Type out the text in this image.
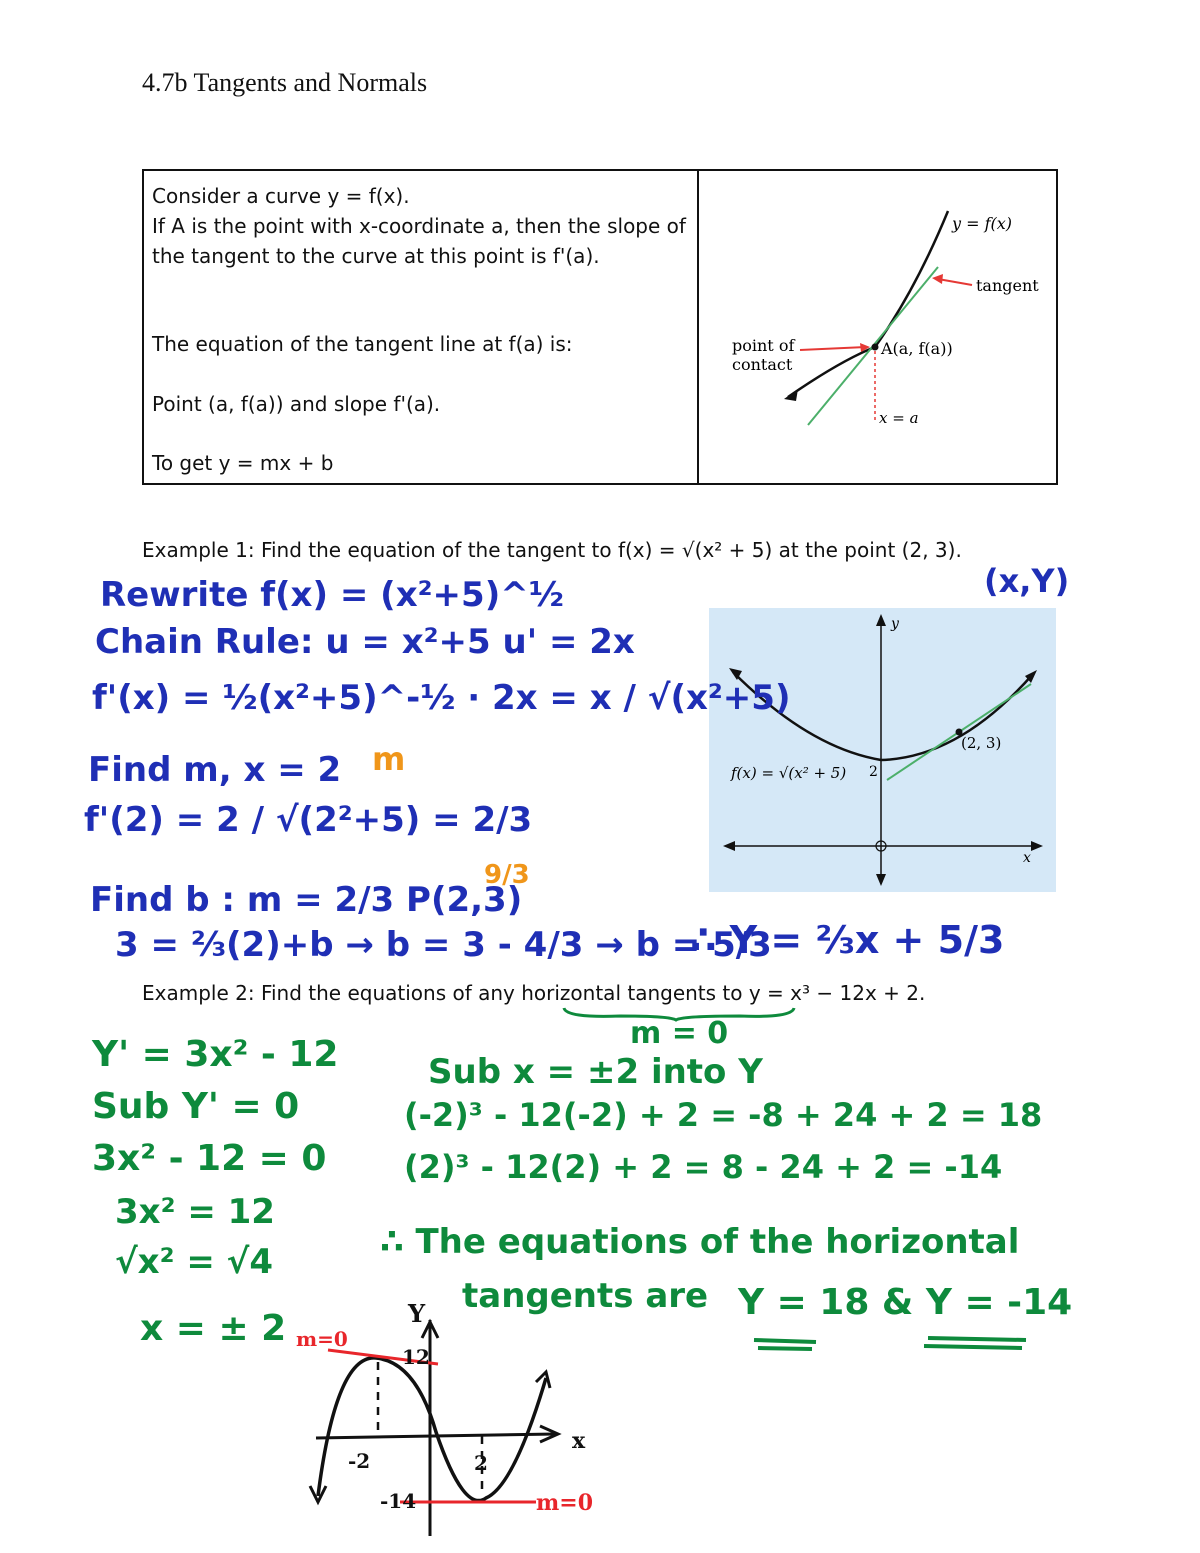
4.7b Tangents and Normals
Consider a curve y = f(x).
If A is the point with x-coordinate a, then the slope of the tangent to the curve at this point is f'(a).
The equation of the tangent line at f(a) is:
Point (a, f(a)) and slope f'(a).
To get y = mx + b
y = f(x)
tangent
A(a, f(a))
point of
contact
x = a
Example 1: Find the equation of the tangent to f(x) = √(x² + 5) at the point (2, 3).
y
x
f(x) = √(x² + 5) 2
(2, 3)
(x,Y)
Rewrite f(x) = (x²+5)^½
Chain Rule: u = x²+5 u' = 2x
f'(x) = ½(x²+5)^-½ · 2x = x / √(x²+5)
Find m, x = 2 m
f'(2) = 2 / √(2²+5) = 2/3
Find b : m = 2/3 P(2,3)
9/3
3 = ⅔(2)+b → b = 3 - 4/3 → b = 5/3
∴ Y = ⅔x + 5/3
Example 2: Find the equations of any horizontal tangents to y = x³ − 12x + 2.
m = 0
Y' = 3x² - 12
Sub Y' = 0
3x² - 12 = 0
3x² = 12
√x² = √4
x = ± 2
Sub x = ±2 into Y
(-2)³ - 12(-2) + 2 = -8 + 24 + 2 = 18
(2)³ - 12(2) + 2 = 8 - 24 + 2 = -14
∴ The equations of the horizontal
tangents are Y = 18 & Y = -14
Y
x
12
-14
-2	2
m=0
m=0
